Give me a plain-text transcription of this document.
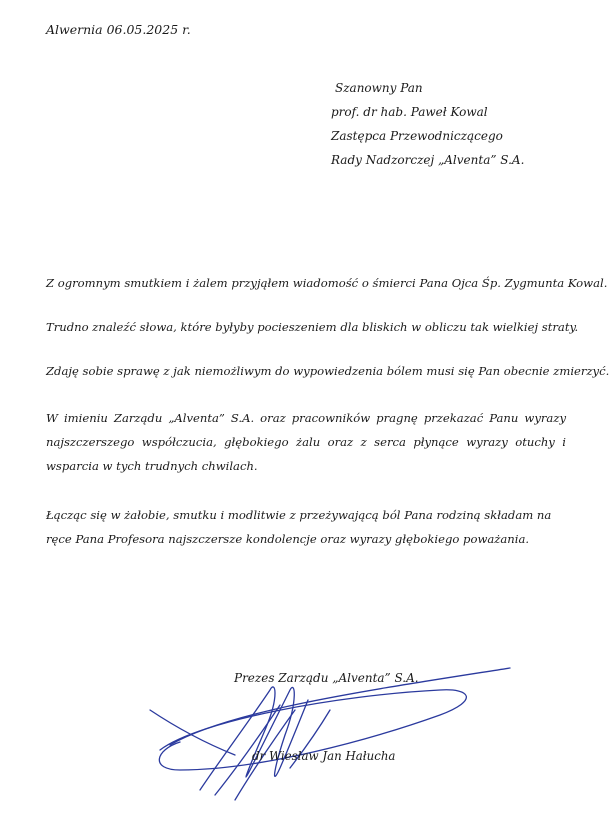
Alwernia 06.05.2025 r.
Szanowny Pan
prof. dr hab. Paweł Kowal
Zastępca Przewodniczącego
Rady Nadzorczej „Alventa” S.A.

Z ogromnym smutkiem i żalem przyjąłem wiadomość o śmierci Pana Ojca Śp. Zygmunta Kowal.

Trudno znaleźć słowa, które byłyby pocieszeniem dla bliskich w obliczu tak wielkiej straty.

Zdaję sobie sprawę z jak niemożliwym do wypowiedzenia bólem musi się Pan obecnie zmierzyć.

W imieniu Zarządu „Alventa” S.A. oraz pracowników pragnę przekazać Panu wyrazy najszczerszego współczucia, głębokiego żalu oraz z serca płynące wyrazy otuchy i wsparcia w tych trudnych chwilach.

Łącząc się w żałobie, smutku i modlitwie z przeżywającą ból Pana rodziną składam na ręce Pana Profesora najszczersze kondolencje oraz wyrazy głębokiego poważania.

Prezes Zarządu „Alventa” S.A.
dr Wiesław Jan Hałucha
